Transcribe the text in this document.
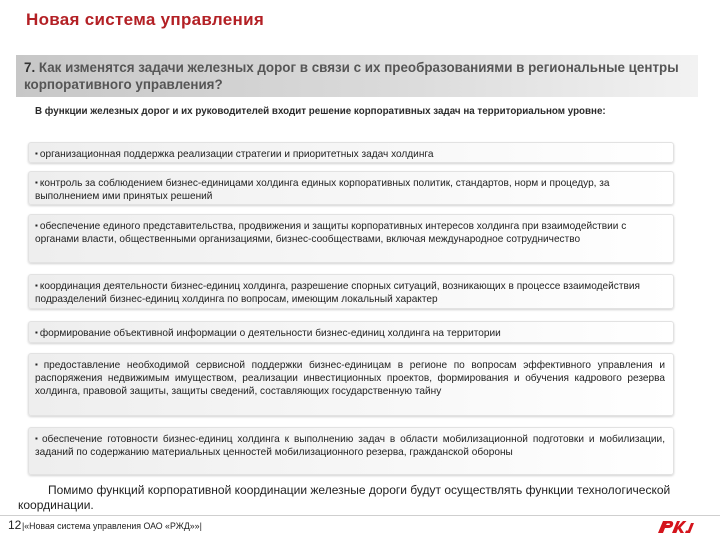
Новая система управления
7. Как изменятся задачи железных дорог в связи с их преобразованиями в региональные центры корпоративного управления?
В функции железных дорог и их руководителей входит решение корпоративных задач на территориальном уровне:
▪ организационная поддержка реализации стратегии и приоритетных задач холдинга
▪ контроль за соблюдением бизнес-единицами холдинга единых корпоративных политик, стандартов, норм и процедур, за выполнением ими принятых решений
▪ обеспечение единого представительства, продвижения и защиты корпоративных интересов холдинга при взаимодействии с органами власти, общественными организациями, бизнес-сообществами, включая международное сотрудничество
▪ координация деятельности бизнес-единиц холдинга, разрешение спорных ситуаций, возникающих в процессе взаимодействия подразделений бизнес-единиц холдинга по вопросам, имеющим локальный характер
▪ формирование объективной информации о деятельности бизнес-единиц холдинга на территории
▪ предоставление необходимой сервисной поддержки бизнес-единицам в регионе по вопросам эффективного управления и распоряжения недвижимым имуществом, реализации инвестиционных проектов, формирования и обучения кадрового резерва холдинга, правовой защиты, защиты сведений, составляющих государственную тайну
▪ обеспечение готовности бизнес-единиц холдинга к выполнению задач в области мобилизационной подготовки и мобилизации, заданий по содержанию материальных ценностей мобилизационного резерва, гражданской обороны
Помимо функций корпоративной координации железные дороги будут осуществлять функции технологической координации.
12 |«Новая система управления ОАО «РЖД»»|
